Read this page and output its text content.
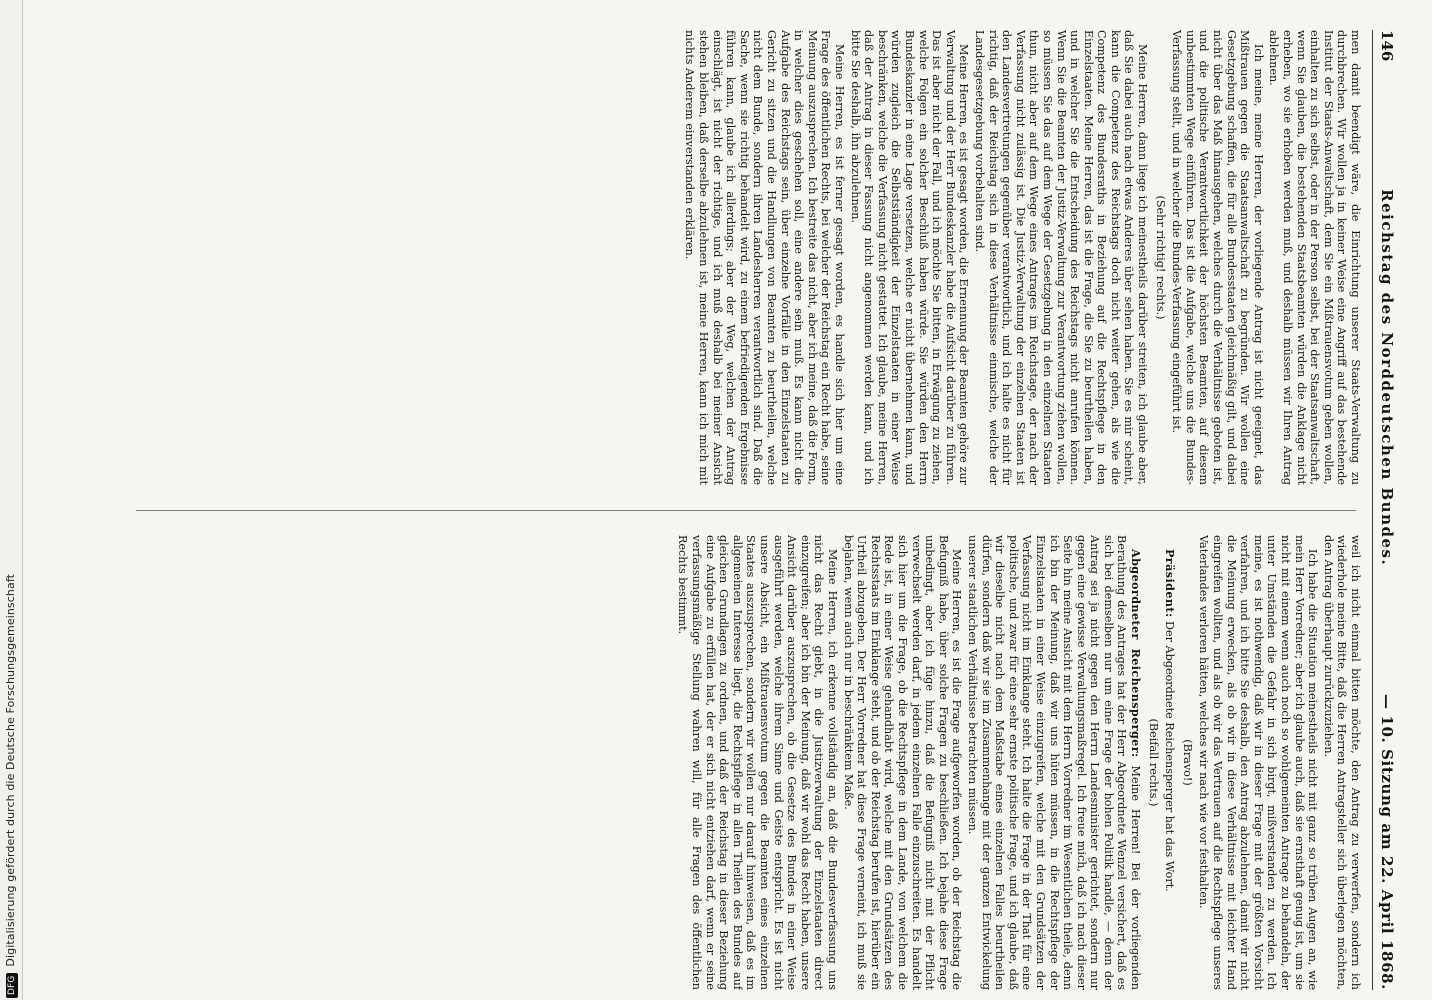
DFGDigitalisierung gefördert durch die Deutsche Forschungsgemeinschaft
146
Reichstag des Norddeutschen Bundes.
— 10. Sitzung am 22. April 1868.

men damit beendigt wäre, die Einrichtung unserer Staats-Verwaltung zu durchbrechen. Wir wollen ja in keiner Weise eine Angriff auf das bestehende Institut der Staats-Anwaltschaft, dem Sie ein Mißtrauensvotum geben wollen, einhalten zu sich selbst, oder in der Person selbst, bei der Staatsanwaltschaft, wenn Sie glauben, die bestehenden Staatsbeamten würden die Anklage nicht erheben, wo sie erhoben werden muß, und deshalb müssen wir Ihren Antrag ablehnen.

Ich meine, meine Herren, der vorliegende Antrag ist nicht geeignet, das Mißtrauen gegen die Staatsanwaltschaft zu begründen. Wir wollen eine Gesetzgebung schaffen, die für alle Bundesstaaten gleichmäßig gilt, und dabei nicht über das Maß hinausgehen, welches durch die Verhältnisse geboten ist, und die politische Verantwortlichkeit der höchsten Beamten, auf diesem unbestimmten Wege einführen. Das ist die Aufgabe, welche uns die Bundes-Verfassung stellt, und in welcher die Bundes-Verfassung eingeführt ist.

(Sehr richtig! rechts.)

Meine Herren, dann liege ich meinestheils darüber streiten, ich glaube aber, daß Sie dabei auch nach etwas Anderes über sehen haben. Sie es mir scheint, kann die Competenz des Reichstags doch nicht weiter gehen, als wie die Competenz des Bundesraths in Beziehung auf die Rechtspflege in den Einzelstaaten. Meine Herren, das ist die Frage, die Sie zu beurtheilen haben, und in welcher Sie die Entscheidung des Reichstags nicht anrufen können. Wenn Sie die Beamten der Justiz-Verwaltung zur Verantwortung ziehen wollen, so müssen Sie das auf dem Wege der Gesetzgebung in den einzelnen Staaten thun, nicht aber auf dem Wege eines Antrages im Reichstage, der nach der Verfassung nicht zulässig ist. Die Justiz-Verwaltung der einzelnen Staaten ist den Landesvertretungen gegenüber verantwortlich, und ich halte es nicht für richtig, daß der Reichstag sich in diese Verhältnisse einmische, welche der Landesgesetzgebung vorbehalten sind.

Meine Herren, es ist gesagt worden, die Ernennung der Beamten gehöre zur Verwaltung und der Herr Bundeskanzler habe die Aufsicht darüber zu führen. Das ist aber nicht der Fall, und ich möchte Sie bitten, in Erwägung zu ziehen, welche Folgen ein solcher Beschluß haben würde. Sie würden den Herrn Bundeskanzler in eine Lage versetzen, welche er nicht übernehmen kann, und würden zugleich die Selbstständigkeit der Einzelstaaten in einer Weise beschränken, welche die Verfassung nicht gestattet. Ich glaube, meine Herren, daß der Antrag in dieser Fassung nicht angenommen werden kann, und ich bitte Sie deshalb, ihn abzulehnen.

Meine Herren, es ist ferner gesagt worden, es handle sich hier um eine Frage des öffentlichen Rechts, bei welcher der Reichstag ein Recht habe, seine Meinung auszusprechen. Ich bestreite das nicht, aber ich meine, daß die Form, in welcher dies geschehen soll, eine andere sein muß. Es kann nicht die Aufgabe des Reichstags sein, über einzelne Vorfälle in den Einzelstaaten zu Gericht zu sitzen und die Handlungen von Beamten zu beurtheilen, welche nicht dem Bunde, sondern ihren Landesherren verantwortlich sind. Daß die Sache, wenn sie richtig behandelt wird, zu einem befriedigenden Ergebnisse führen kann, glaube ich allerdings; aber der Weg, welchen der Antrag einschlägt, ist nicht der richtige, und ich muß deshalb bei meiner Ansicht stehen bleiben, daß derselbe abzulehnen ist, meine Herren, kann ich mich mit nichts Anderem einverstanden erklären.

weil ich nicht einmal bitten möchte, den Antrag zu verwerfen, sondern ich wiederhole meine Bitte, daß die Herren Antragsteller sich überlegen möchten, den Antrag überhaupt zurückzuziehen.

Ich habe die Situation meinestheils nicht mit ganz so trüben Augen an, wie mein Herr Vorredner; aber ich glaube auch, daß sie ernsthaft genug ist, um sie nicht mit einem wenn auch noch so wohlgemeinten Antrage zu behandeln, der unter Umständen die Gefahr in sich birgt, mißverstanden zu werden. Ich meine, es ist nothwendig, daß wir in dieser Frage mit der größten Vorsicht verfahren, und ich bitte Sie deshalb, den Antrag abzulehnen, damit wir nicht die Meinung erwecken, als ob wir in diese Verhältnisse mit leichter Hand eingreifen wollten, und als ob wir das Vertrauen auf die Rechtspflege unseres Vaterlandes verloren hätten, welches wir nach wie vor festhalten.

(Bravo!)

Präsident: Der Abgeordnete Reichensperger hat das Wort.

(Beifall rechts.)

Abgeordneter Reichensperger: Meine Herren! Bei der vorliegenden Berathung des Antrages hat der Herr Abgeordnete Wenzel versichert, daß es sich bei demselben nur um eine Frage der hohen Politik handle, — denn der Antrag sei ja nicht gegen den Herrn Landesminister gerichtet, sondern nur gegen eine gewisse Verwaltungsmaßregel. Ich freue mich, daß ich nach dieser Seite hin meine Ansicht mit dem Herrn Vorredner im Wesentlichen theile, denn ich bin der Meinung, daß wir uns hüten müssen, in die Rechtspflege der Einzelstaaten in einer Weise einzugreifen, welche mit den Grundsätzen der Verfassung nicht im Einklange steht. Ich halte die Frage in der That für eine politische, und zwar für eine sehr ernste politische Frage, und ich glaube, daß wir dieselbe nicht nach dem Maßstabe eines einzelnen Falles beurtheilen dürfen, sondern daß wir sie im Zusammenhange mit der ganzen Entwickelung unserer staatlichen Verhältnisse betrachten müssen.

Meine Herren, es ist die Frage aufgeworfen worden, ob der Reichstag die Befugniß habe, über solche Fragen zu beschließen. Ich bejahe diese Frage unbedingt, aber ich füge hinzu, daß die Befugniß nicht mit der Pflicht verwechselt werden darf, in jedem einzelnen Falle einzuschreiten. Es handelt sich hier um die Frage, ob die Rechtspflege in dem Lande, von welchem die Rede ist, in einer Weise gehandhabt wird, welche mit den Grundsätzen des Rechtsstaats im Einklange steht, und ob der Reichstag berufen ist, hierüber ein Urtheil abzugeben. Der Herr Vorredner hat diese Frage verneint, ich muß sie bejahen, wenn auch nur in beschränktem Maße.

Meine Herren, ich erkenne vollständig an, daß die Bundesverfassung uns nicht das Recht giebt, in die Justizverwaltung der Einzelstaaten direct einzugreifen; aber ich bin der Meinung, daß wir wohl das Recht haben, unsere Ansicht darüber auszusprechen, ob die Gesetze des Bundes in einer Weise ausgeführt werden, welche ihrem Sinne und Geiste entspricht. Es ist nicht unsere Absicht, ein Mißtrauensvotum gegen die Beamten eines einzelnen Staates auszusprechen, sondern wir wollen nur darauf hinweisen, daß es im allgemeinen Interesse liegt, die Rechtspflege in allen Theilen des Bundes auf gleichen Grundlagen zu ordnen, und daß der Reichstag in dieser Beziehung eine Aufgabe zu erfüllen hat, der er sich nicht entziehen darf, wenn er seine verfassungsmäßige Stellung wahren will, für alle Fragen des öffentlichen Rechts bestimmt.
